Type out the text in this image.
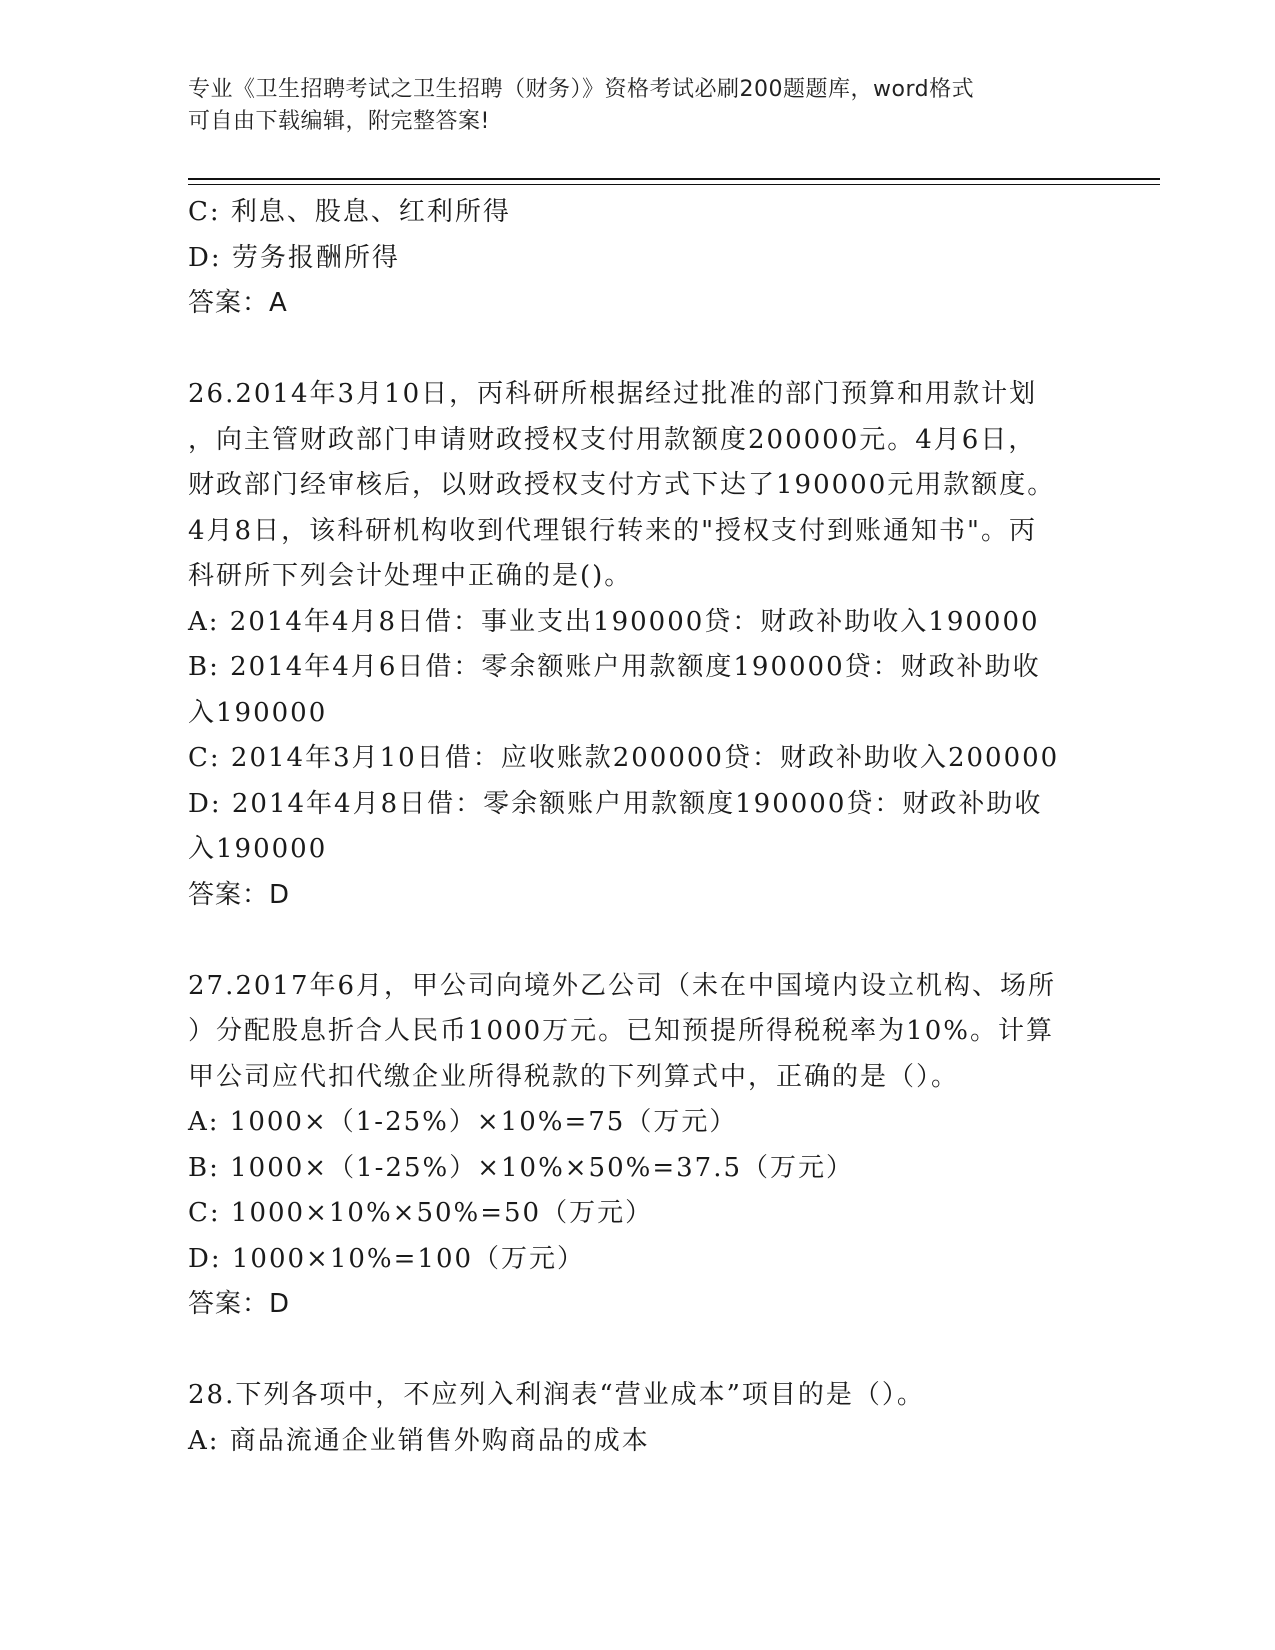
专业《卫生招聘考试之卫生招聘（财务）》资格考试必刷200题题库，word格式
可自由下载编辑，附完整答案!

C: 利息、股息、红利所得

D: 劳务报酬所得

答案：A

26.2014年3月10日，丙科研所根据经过批准的部门预算和用款计划

，向主管财政部门申请财政授权支付用款额度200000元。4月6日，

财政部门经审核后，以财政授权支付方式下达了190000元用款额度。

4月8日，该科研机构收到代理银行转来的"授权支付到账通知书"。丙

科研所下列会计处理中正确的是()。

A: 2014年4月8日借：事业支出190000贷：财政补助收入190000

B: 2014年4月6日借：零余额账户用款额度190000贷：财政补助收

入190000

C: 2014年3月10日借：应收账款200000贷：财政补助收入200000

D: 2014年4月8日借：零余额账户用款额度190000贷：财政补助收

入190000

答案：D

27.2017年6月，甲公司向境外乙公司（未在中国境内设立机构、场所

）分配股息折合人民币1000万元。已知预提所得税税率为10%。计算

甲公司应代扣代缴企业所得税款的下列算式中，正确的是（）。

A: 1000×（1-25%）×10%=75（万元）

B: 1000×（1-25%）×10%×50%=37.5（万元）

C: 1000×10%×50%=50（万元）

D: 1000×10%=100（万元）

答案：D

28.下列各项中，不应列入利润表“营业成本”项目的是（）。

A: 商品流通企业销售外购商品的成本
